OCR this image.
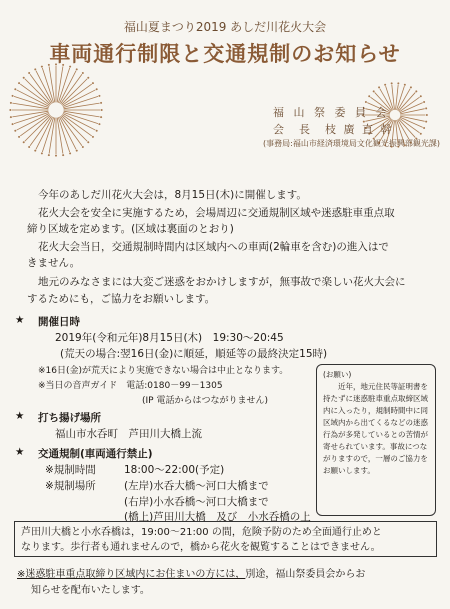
福山夏まつり2019 あしだ川花火大会
車両通行制限と交通規制のお知らせ
福 山 祭 委 員 会
会　長　枝 廣 直 幹
(事務局:福山市経済環境局文化観光振興部観光課)
今年のあしだ川花火大会は，8月15日(木)に開催します。
花火大会を安全に実施するため，会場周辺に交通規制区域や迷惑駐車重点取
締り区域を定めます。(区域は裏面のとおり)
花火大会当日，交通規制時間内は区域内への車両(2輪車を含む)の進入はで
きません。
地元のみなさまには大変ご迷惑をおかけしますが，無事故で楽しい花火大会に
するためにも，ご協力をお願いします。
★ 開催日時
2019年(令和元年)8月15日(木)　19:30～20:45
(荒天の場合:翌16日(金)に順延，順延等の最終決定15時)
※16日(金)が荒天により実施できない場合は中止となります。
※当日の音声ガイド　電話:0180－99－1305
(IP 電話からはつながりません)
★ 打ち揚げ場所
福山市水呑町　芦田川大橋上流
★ 交通規制(車両通行禁止)
※規制時間	18:00～22:00(予定)
※規制場所	(左岸)水呑大橋～河口大橋まで
(右岸)小水呑橋～河口大橋まで
(橋上)芦田川大橋　及び　小水呑橋の上

(お願い)

近年，地元住民等証明書を持たずに迷惑駐車重点取締区域内に入ったり，規制時間中に同区域内から出てくるなどの迷惑行為が多発しているとの苦情が寄せられています。事故につながりますので，一層のご協力をお願いします。

芦田川大橋と小水呑橋は，19:00～21:00 の間，危険予防のため全面通行止めと

なります。歩行者も通れませんので，橋から花火を観覧することはできません。

※迷惑駐車重点取締り区域内にお住まいの方には，別途，福山祭委員会からお
知らせを配布いたします。
